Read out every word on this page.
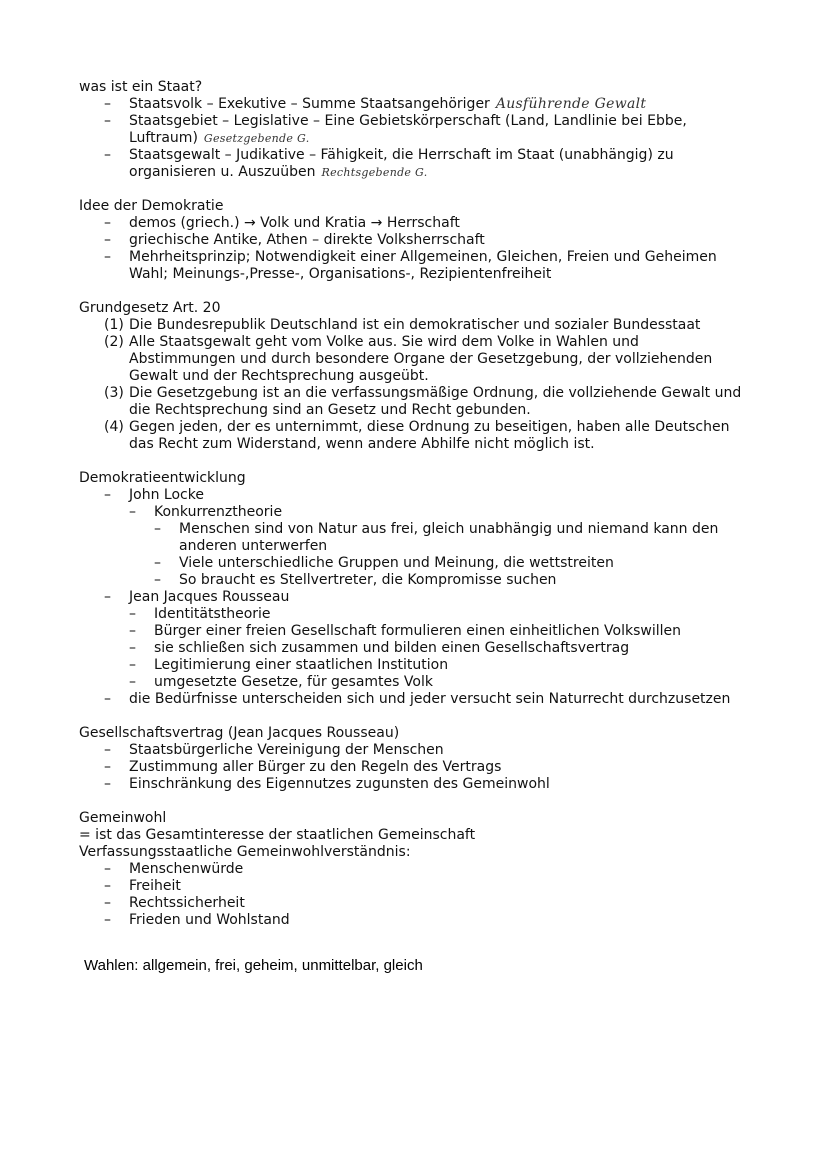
was ist ein Staat?
– Staatsvolk – Exekutive – Summe Staatsangehöriger Ausführende Gewalt
– Staatsgebiet – Legislative – Eine Gebietskörperschaft (Land, Landlinie bei Ebbe,
Luftraum) Gesetzgebende G.
– Staatsgewalt – Judikative – Fähigkeit, die Herrschaft im Staat (unabhängig) zu
organisieren u. Auszuüben Rechtsgebende G.
Idee der Demokratie
– demos (griech.) → Volk und Kratia → Herrschaft
– griechische Antike, Athen – direkte Volksherrschaft
– Mehrheitsprinzip; Notwendigkeit einer Allgemeinen, Gleichen, Freien und Geheimen
Wahl; Meinungs-,Presse-, Organisations-, Rezipientenfreiheit
Grundgesetz Art. 20
(1) Die Bundesrepublik Deutschland ist ein demokratischer und sozialer Bundesstaat
(2) Alle Staatsgewalt geht vom Volke aus. Sie wird dem Volke in Wahlen und
Abstimmungen und durch besondere Organe der Gesetzgebung, der vollziehenden
Gewalt und der Rechtsprechung ausgeübt.
(3) Die Gesetzgebung ist an die verfassungsmäßige Ordnung, die vollziehende Gewalt und
die Rechtsprechung sind an Gesetz und Recht gebunden.
(4) Gegen jeden, der es unternimmt, diese Ordnung zu beseitigen, haben alle Deutschen
das Recht zum Widerstand, wenn andere Abhilfe nicht möglich ist.
Demokratieentwicklung
– John Locke
– Konkurrenztheorie
– Menschen sind von Natur aus frei, gleich unabhängig und niemand kann den
anderen unterwerfen
– Viele unterschiedliche Gruppen und Meinung, die wettstreiten
– So braucht es Stellvertreter, die Kompromisse suchen
– Jean Jacques Rousseau
– Identitätstheorie
– Bürger einer freien Gesellschaft formulieren einen einheitlichen Volkswillen
– sie schließen sich zusammen und bilden einen Gesellschaftsvertrag
– Legitimierung einer staatlichen Institution
– umgesetzte Gesetze, für gesamtes Volk
– die Bedürfnisse unterscheiden sich und jeder versucht sein Naturrecht durchzusetzen
Gesellschaftsvertrag (Jean Jacques Rousseau)
– Staatsbürgerliche Vereinigung der Menschen
– Zustimmung aller Bürger zu den Regeln des Vertrags
– Einschränkung des Eigennutzes zugunsten des Gemeinwohl
Gemeinwohl
= ist das Gesamtinteresse der staatlichen Gemeinschaft
Verfassungsstaatliche Gemeinwohlverständnis:
– Menschenwürde
– Freiheit
– Rechtssicherheit
– Frieden und Wohlstand
Wahlen: allgemein, frei, geheim, unmittelbar, gleich
